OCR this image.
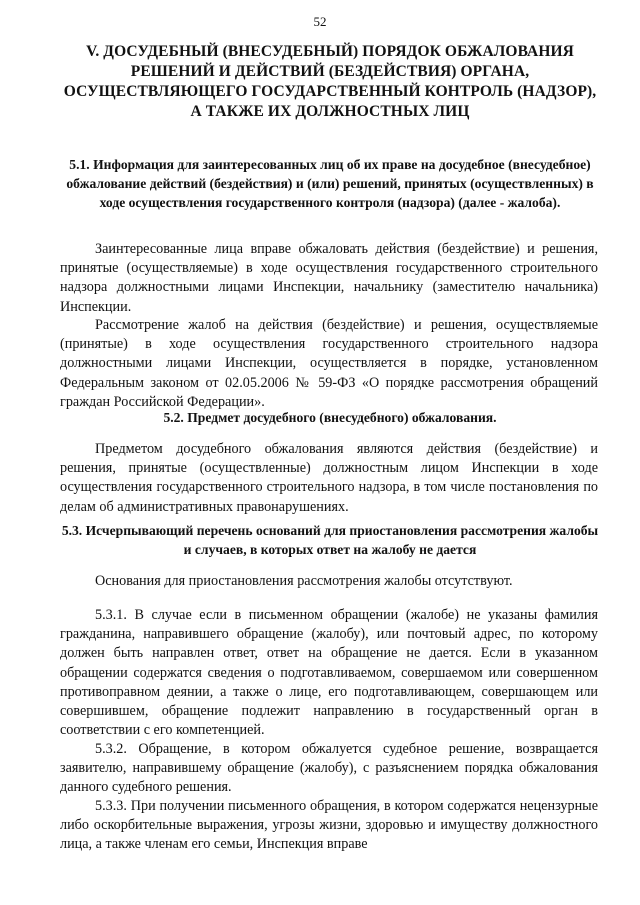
52
V. ДОСУДЕБНЫЙ (ВНЕСУДЕБНЫЙ) ПОРЯДОК ОБЖАЛОВАНИЯ РЕШЕНИЙ И ДЕЙСТВИЙ (БЕЗДЕЙСТВИЯ) ОРГАНА, ОСУЩЕСТВЛЯЮЩЕГО ГОСУДАРСТВЕННЫЙ КОНТРОЛЬ (НАДЗОР), А ТАКЖЕ ИХ ДОЛЖНОСТНЫХ ЛИЦ
5.1. Информация для заинтересованных лиц об их праве на досудебное (внесудебное) обжалование действий (бездействия) и (или) решений, принятых (осуществленных) в ходе осуществления государственного контроля (надзора) (далее - жалоба).
Заинтересованные лица вправе обжаловать действия (бездействие) и решения, принятые (осуществляемые) в ходе осуществления государственного строительного надзора должностными лицами Инспекции, начальнику (заместителю начальника) Инспекции.
Рассмотрение жалоб на действия (бездействие) и решения, осуществляемые (принятые) в ходе осуществления государственного строительного надзора должностными лицами Инспекции, осуществляется в порядке, установленном Федеральным законом от 02.05.2006 № 59-ФЗ «О порядке рассмотрения обращений граждан Российской Федерации».
5.2. Предмет досудебного (внесудебного) обжалования.
Предметом досудебного обжалования являются действия (бездействие) и решения, принятые (осуществленные) должностным лицом Инспекции в ходе осуществления государственного строительного надзора, в том числе постановления по делам об административных правонарушениях.
5.3. Исчерпывающий перечень оснований для приостановления рассмотрения жалобы и случаев, в которых ответ на жалобу не дается
Основания для приостановления рассмотрения жалобы отсутствуют.
5.3.1. В случае если в письменном обращении (жалобе) не указаны фамилия гражданина, направившего обращение (жалобу), или почтовый адрес, по которому должен быть направлен ответ, ответ на обращение не дается. Если в указанном обращении содержатся сведения о подготавливаемом, совершаемом или совершенном противоправном деянии, а также о лице, его подготавливающем, совершающем или совершившем, обращение подлежит направлению в государственный орган в соответствии с его компетенцией.
5.3.2. Обращение, в котором обжалуется судебное решение, возвращается заявителю, направившему обращение (жалобу), с разъяснением порядка обжалования данного судебного решения.
5.3.3. При получении письменного обращения, в котором содержатся нецензурные либо оскорбительные выражения, угрозы жизни, здоровью и имуществу должностного лица, а также членам его семьи, Инспекция вправе
